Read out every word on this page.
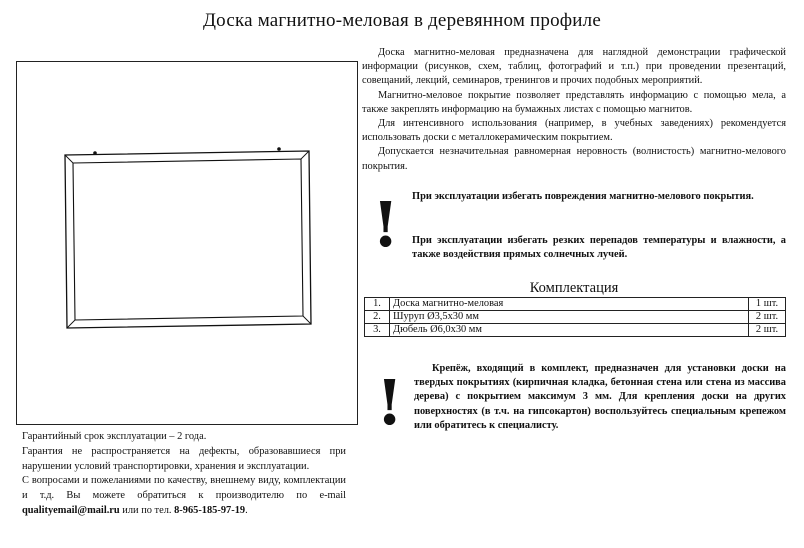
Доска магнитно-меловая в деревянном профиле

Доска магнитно-меловая предназначена для наглядной демонстрации графической информации (рисунков, схем, таблиц, фотографий и т.п.) при проведении презентаций, совещаний, лекций, семинаров, тренингов и прочих подобных мероприятий.

Магнитно-меловое покрытие позволяет представлять информацию с помощью мела, а также закреплять информацию на бумажных листах с помощью магнитов.

Для интенсивного использования (например, в учебных заведениях) рекомендуется использовать доски с металлокерамическим покрытием.

Допускается незначительная равномерная неровность (волнистость) магнитно-мелового покрытия.

! При эксплуатации избегать повреждения магнитно-мелового покрытия.
При эксплуатации избегать резких перепадов температуры и влажности, а также воздействия прямых солнечных лучей.
Комплектация
1.	Доска магнитно-меловая	1 шт.
2.	Шуруп Ø3,5х30 мм	2 шт.
3.	Дюбель Ø6,0х30 мм	2 шт.
!	Крепёж, входящий в комплект, предназначен для установки доски на твердых покрытиях (кирпичная кладка, бетонная стена или стена из массива дерева) с покрытием максимум 3 мм. Для крепления доски на других поверхностях (в т.ч. на гипсокартон) воспользуйтесь специальным крепежом или обратитесь к специалисту.

Гарантийный срок эксплуатации – 2 года.

Гарантия не распространяется на дефекты, образовавшиеся при нарушении условий транспортировки, хранения и эксплуатации.

С вопросами и пожеланиями по качеству, внешнему виду, комплектации и т.д. Вы можете обратиться к производителю по e-mail qualityemail@mail.ru или по тел. 8-965-185-97-19.
